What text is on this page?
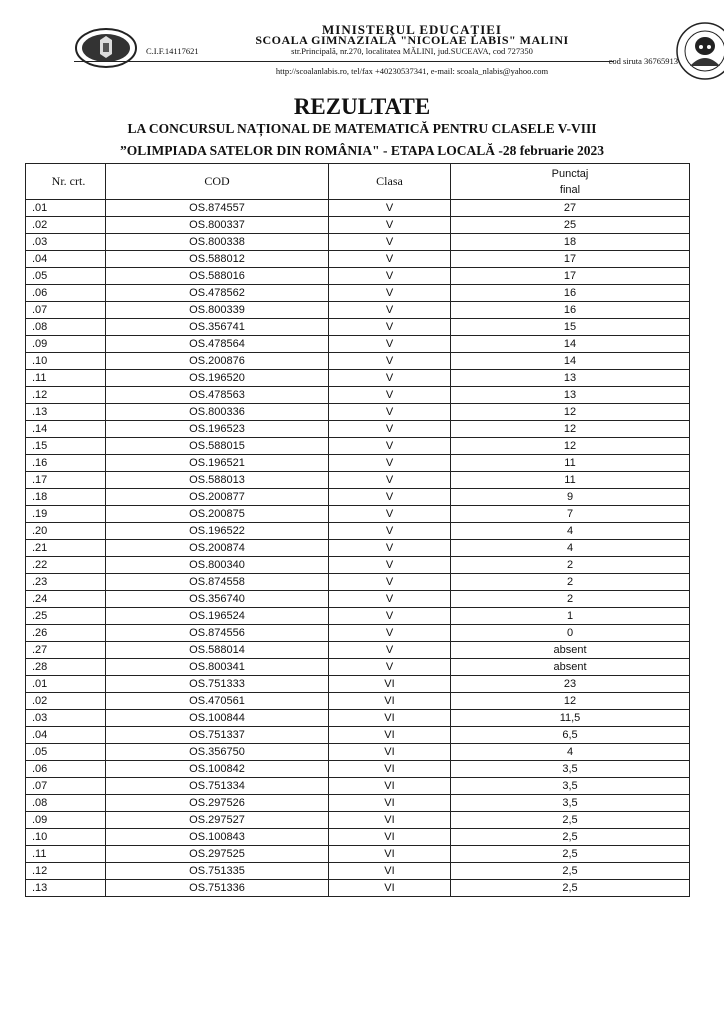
MINISTERUL EDUCAȚIEI
SCOALA GIMNAZIALĂ "NICOLAE LABIS" MALINI
C.I.F.14117621	str.Principală, nr.270, localitatea MĂLINI, jud.SUCEAVA, cod 727350
cod siruta 36765913
http://scoalanlabis.ro, tel/fax +40230537341, e-mail: scoala_nlabis@yahoo.com
REZULTATE
LA CONCURSUL NAȚIONAL DE MATEMATICĂ PENTRU CLASELE V-VIII
”OLIMPIADA SATELOR DIN ROMÂNIA" - ETAPA LOCALĂ -28 februarie 2023
Nr. crt.	COD	Clasa	Punctaj
final

.01	OS.874557	V	27
.02	OS.800337	V	25
.03	OS.800338	V	18
.04	OS.588012	V	17
.05	OS.588016	V	17
.06	OS.478562	V	16
.07	OS.800339	V	16
.08	OS.356741	V	15
.09	OS.478564	V	14
.10	OS.200876	V	14
.11	OS.196520	V	13
.12	OS.478563	V	13
.13	OS.800336	V	12
.14	OS.196523	V	12
.15	OS.588015	V	12
.16	OS.196521	V	11
.17	OS.588013	V	11
.18	OS.200877	V	9
.19	OS.200875	V	7
.20	OS.196522	V	4
.21	OS.200874	V	4
.22	OS.800340	V	2
.23	OS.874558	V	2
.24	OS.356740	V	2
.25	OS.196524	V	1
.26	OS.874556	V	0
.27	OS.588014	V	absent
.28	OS.800341	V	absent
.01	OS.751333	VI	23
.02	OS.470561	VI	12
.03	OS.100844	VI	11,5
.04	OS.751337	VI	6,5
.05	OS.356750	VI	4
.06	OS.100842	VI	3,5
.07	OS.751334	VI	3,5
.08	OS.297526	VI	3,5
.09	OS.297527	VI	2,5
.10	OS.100843	VI	2,5
.11	OS.297525	VI	2,5
.12	OS.751335	VI	2,5
.13	OS.751336	VI	2,5
